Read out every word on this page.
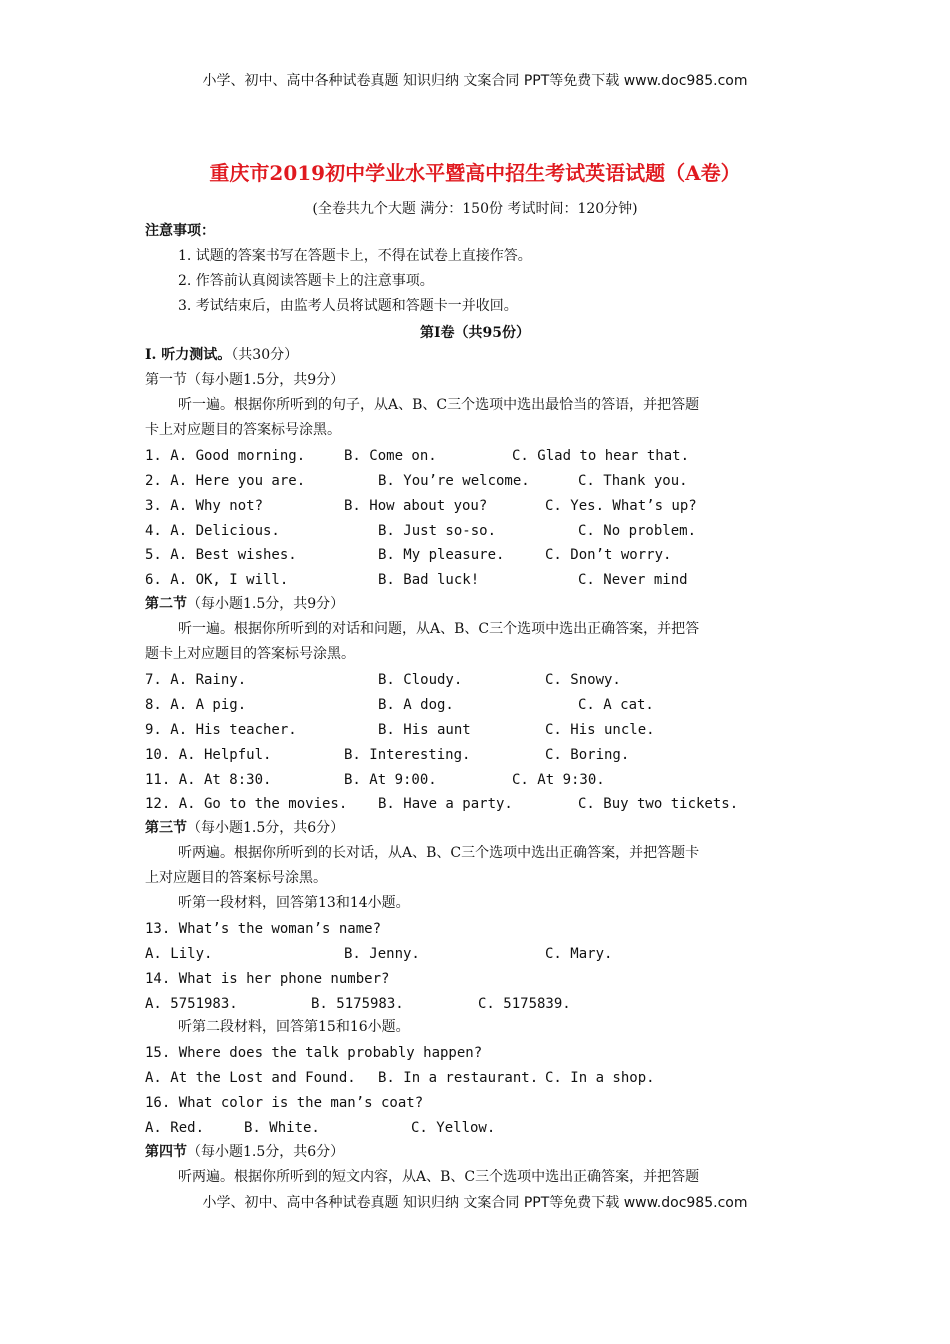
小学、初中、高中各种试卷真题 知识归纳 文案合同 PPT等免费下载 www.doc985.com
重庆市2019初中学业水平暨高中招生考试英语试题（A卷）
(全卷共九个大题 满分：150份 考试时间：120分钟)
注意事项：
1. 试题的答案书写在答题卡上，不得在试卷上直接作答。
2. 作答前认真阅读答题卡上的注意事项。
3. 考试结束后，由监考人员将试题和答题卡一并收回。
第I卷（共95份）
I. 听力测试。（共30分）
第一节（每小题1.5分，共9分）
听一遍。根据你所听到的句子，从A、B、C三个选项中选出最恰当的答语，并把答题
卡上对应题目的答案标号涂黑。
1. A. Good morning.	B. Come on.	C. Glad to hear that.
2. A. Here you are.	B. You’re welcome.	C. Thank you.
3. A. Why not?	B. How about you?	C. Yes. What’s up?
4. A. Delicious.	B. Just so-so.	C. No problem.
5. A. Best wishes.	B. My pleasure.	C. Don’t worry.
6. A. OK, I will.	B. Bad luck!	C. Never mind
第二节（每小题1.5分，共9分）
听一遍。根据你所听到的对话和问题，从A、B、C三个选项中选出正确答案，并把答
题卡上对应题目的答案标号涂黑。
7. A. Rainy.	B. Cloudy.	C. Snowy.
8. A. A pig.	B. A dog.	C. A cat.
9. A. His teacher.	B. His aunt	C. His uncle.
10. A. Helpful.	B. Interesting.	C. Boring.
11. A. At 8:30.	B. At 9:00.	C. At 9:30.
12. A. Go to the movies. B. Have a party.	C. Buy two tickets.
第三节（每小题1.5分，共6分）
听两遍。根据你所听到的长对话，从A、B、C三个选项中选出正确答案，并把答题卡
上对应题目的答案标号涂黑。
听第一段材料，回答第13和14小题。
13. What’s the woman’s name?
A. Lily.	B. Jenny.	C. Mary.
14. What is her phone number?
A. 5751983.	B. 5175983.	C. 5175839.
听第二段材料，回答第15和16小题。
15. Where does the talk probably happen?
A. At the Lost and Found. B. In a restaurant. C. In a shop.
16. What color is the man’s coat?
A. Red.	B. White.	C. Yellow.
第四节（每小题1.5分，共6分）
听两遍。根据你所听到的短文内容，从A、B、C三个选项中选出正确答案，并把答题
小学、初中、高中各种试卷真题 知识归纳 文案合同 PPT等免费下载 www.doc985.com
